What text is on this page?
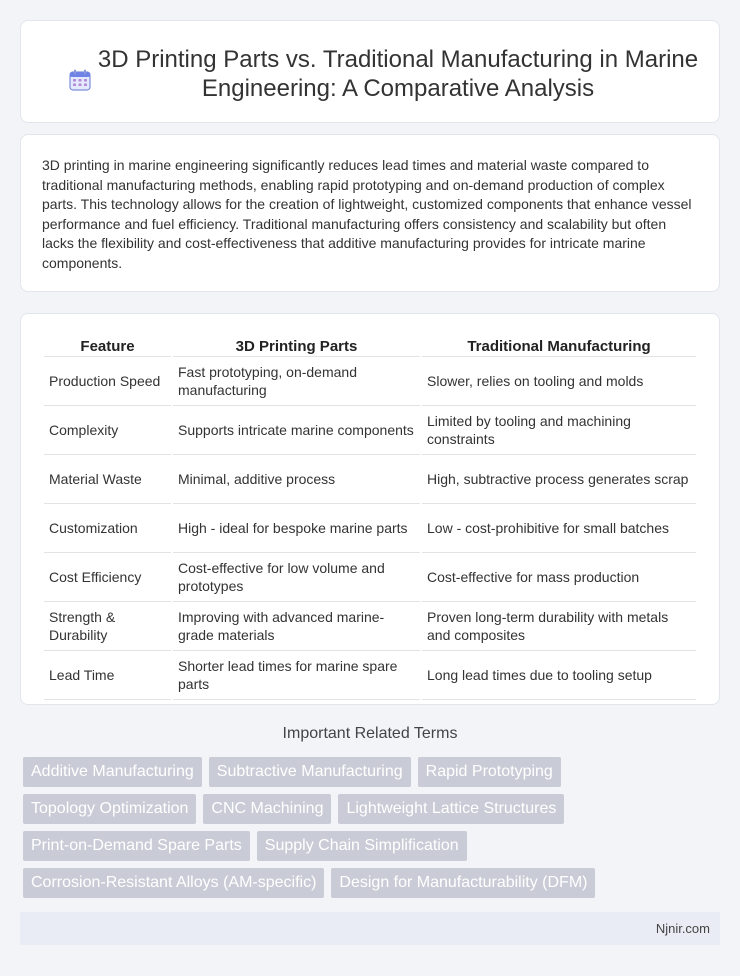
3D Printing Parts vs. Traditional Manufacturing in Marine Engineering: A Comparative Analysis

3D printing in marine engineering significantly reduces lead times and material waste compared to traditional manufacturing methods, enabling rapid prototyping and on-demand production of complex parts. This technology allows for the creation of lightweight, customized components that enhance vessel performance and fuel efficiency. Traditional manufacturing offers consistency and scalability but often lacks the flexibility and cost-effectiveness that additive manufacturing provides for intricate marine components.

Feature	3D Printing Parts	Traditional Manufacturing
Production Speed	Fast prototyping, on-demand manufacturing	Slower, relies on tooling and molds
Complexity	Supports intricate marine components	Limited by tooling and machining constraints
Material Waste	Minimal, additive process	High, subtractive process generates scrap
Customization	High - ideal for bespoke marine parts	Low - cost-prohibitive for small batches
Cost Efficiency	Cost-effective for low volume and prototypes	Cost-effective for mass production
Strength & Durability	Improving with advanced marine-grade materials	Proven long-term durability with metals and composites
Lead Time	Shorter lead times for marine spare parts	Long lead times due to tooling setup
Important Related Terms
Additive Manufacturing	Subtractive Manufacturing	Rapid Prototyping
Topology Optimization	CNC Machining	Lightweight Lattice Structures
Print-on-Demand Spare Parts	Supply Chain Simplification
Corrosion-Resistant Alloys (AM-specific)	Design for Manufacturability (DFM)
Njnir.com
